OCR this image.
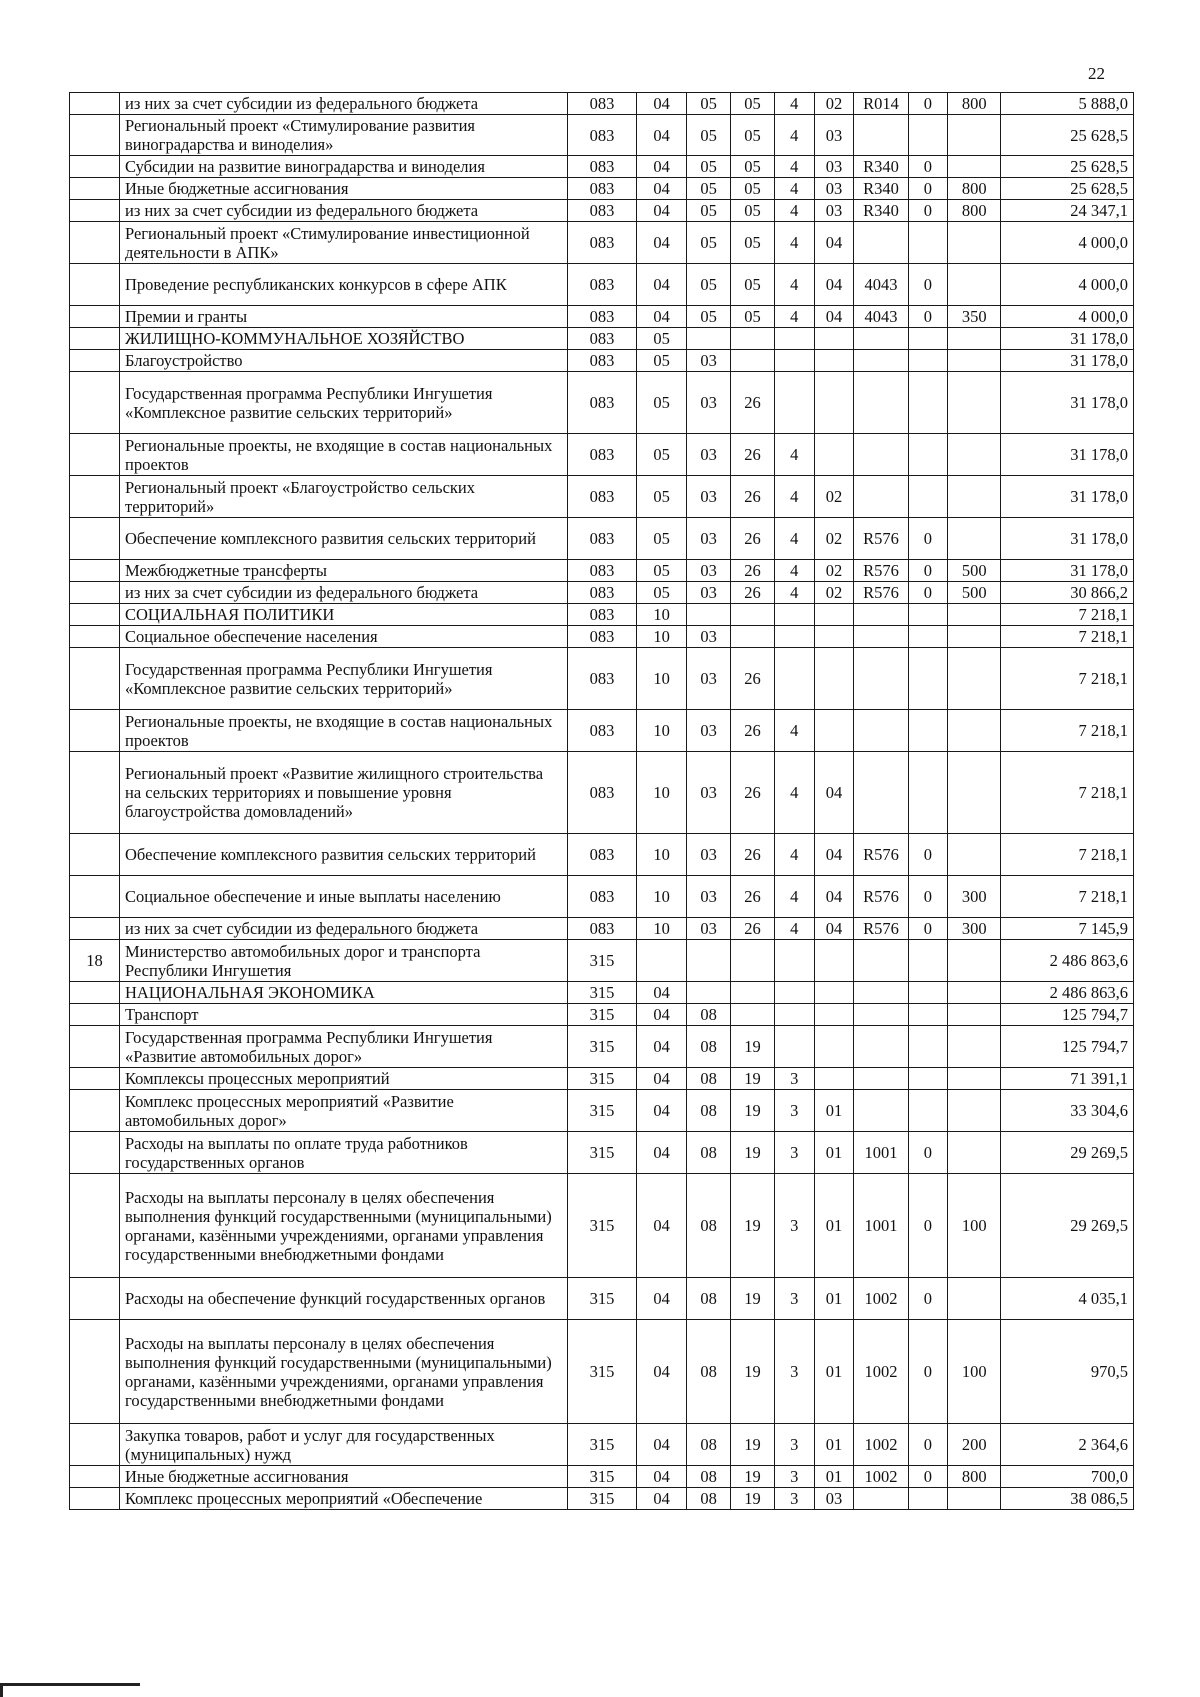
22
	из них за счет субсидии из федерального бюджета	083	04	05	05	4	02	R014	0	800	5 888,0
	Региональный проект «Стимулирование развития виноградарства и виноделия»	083	04	05	05	4	03				25 628,5
	Субсидии на развитие виноградарства и виноделия	083	04	05	05	4	03	R340	0		25 628,5
	Иные бюджетные ассигнования	083	04	05	05	4	03	R340	0	800	25 628,5
	из них за счет субсидии из федерального бюджета	083	04	05	05	4	03	R340	0	800	24 347,1
	Региональный проект «Стимулирование инвестиционной деятельности в АПК»	083	04	05	05	4	04				4 000,0
	Проведение республиканских конкурсов в сфере АПК	083	04	05	05	4	04	4043	0		4 000,0
	Премии и гранты	083	04	05	05	4	04	4043	0	350	4 000,0
	ЖИЛИЩНО-КОММУНАЛЬНОЕ ХОЗЯЙСТВО	083	05								31 178,0
	Благоустройство	083	05	03							31 178,0
	Государственная программа Республики Ингушетия «Комплексное развитие сельских территорий»	083	05	03	26						31 178,0
	Региональные проекты, не входящие в состав национальных проектов	083	05	03	26	4					31 178,0
	Региональный проект «Благоустройство сельских территорий»	083	05	03	26	4	02				31 178,0
	Обеспечение комплексного развития сельских территорий	083	05	03	26	4	02	R576	0		31 178,0
	Межбюджетные трансферты	083	05	03	26	4	02	R576	0	500	31 178,0
	из них за счет субсидии из федерального бюджета	083	05	03	26	4	02	R576	0	500	30 866,2
	СОЦИАЛЬНАЯ ПОЛИТИКИ	083	10								7 218,1
	Социальное обеспечение населения	083	10	03							7 218,1
	Государственная программа Республики Ингушетия «Комплексное развитие сельских территорий»	083	10	03	26						7 218,1
	Региональные проекты, не входящие в состав национальных проектов	083	10	03	26	4					7 218,1
	Региональный проект «Развитие жилищного строительства на сельских территориях и повышение уровня благоустройства домовладений»	083	10	03	26	4	04				7 218,1
	Обеспечение комплексного развития сельских территорий	083	10	03	26	4	04	R576	0		7 218,1
	Социальное обеспечение и иные выплаты населению	083	10	03	26	4	04	R576	0	300	7 218,1
	из них за счет субсидии из федерального бюджета	083	10	03	26	4	04	R576	0	300	7 145,9
18	Министерство автомобильных дорог и транспорта Республики Ингушетия	315									2 486 863,6
	НАЦИОНАЛЬНАЯ ЭКОНОМИКА	315	04								2 486 863,6
	Транспорт	315	04	08							125 794,7
	Государственная программа Республики Ингушетия «Развитие автомобильных дорог»	315	04	08	19						125 794,7
	Комплексы процессных мероприятий	315	04	08	19	3					71 391,1
	Комплекс процессных мероприятий «Развитие автомобильных дорог»	315	04	08	19	3	01				33 304,6
	Расходы на выплаты по оплате труда работников государственных органов	315	04	08	19	3	01	1001	0		29 269,5
	Расходы на выплаты персоналу в целях обеспечения выполнения функций государственными (муниципальными) органами, казёнными учреждениями, органами управления государственными внебюджетными фондами	315	04	08	19	3	01	1001	0	100	29 269,5
	Расходы на обеспечение функций государственных органов	315	04	08	19	3	01	1002	0		4 035,1
	Расходы на выплаты персоналу в целях обеспечения выполнения функций государственными (муниципальными) органами, казёнными учреждениями, органами управления государственными внебюджетными фондами	315	04	08	19	3	01	1002	0	100	970,5
	Закупка товаров, работ и услуг для государственных (муниципальных) нужд	315	04	08	19	3	01	1002	0	200	2 364,6
	Иные бюджетные ассигнования	315	04	08	19	3	01	1002	0	800	700,0
	Комплекс процессных мероприятий «Обеспечение	315	04	08	19	3	03				38 086,5
